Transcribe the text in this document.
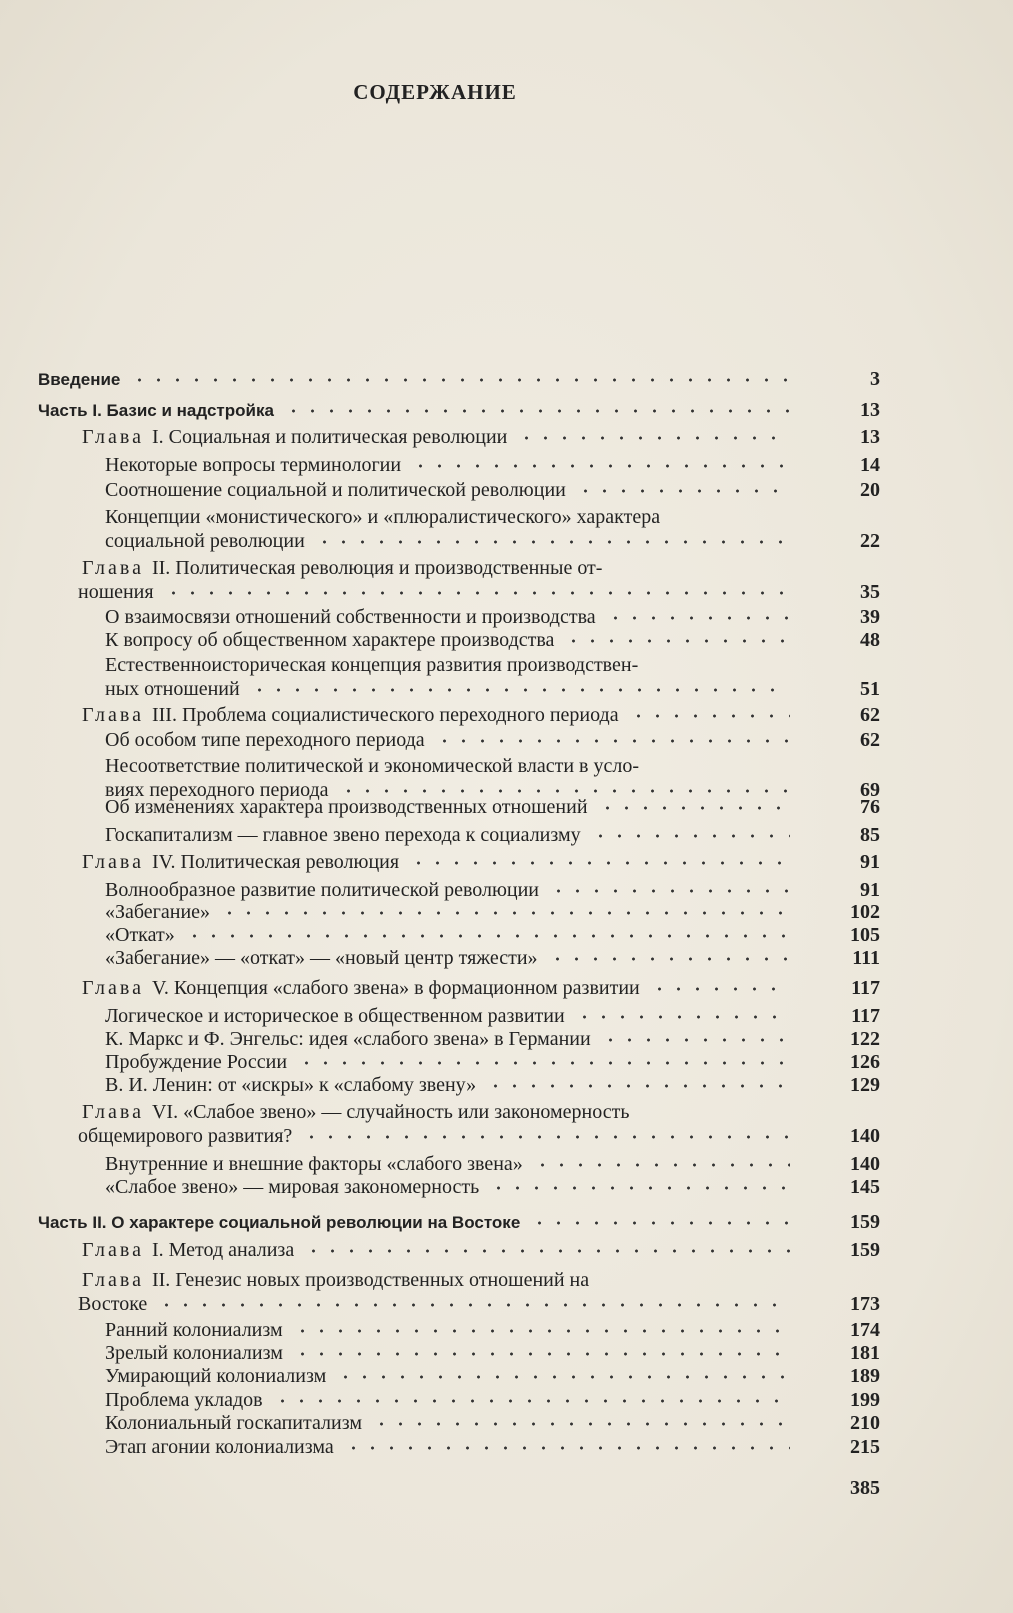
СОДЕРЖАНИЕ
Введение	3
Часть I. Базис и надстройка	13
Глава I. Социальная и политическая революции	13
Некоторые вопросы терминологии	14
Соотношение социальной и политической революции	20
Концепции «монистического» и «плюралистического» характера
социальной революции	22
Глава II. Политическая революция и производственные от-
ношения	35
О взаимосвязи отношений собственности и производства	39
К вопросу об общественном характере производства	48
Естественноисторическая концепция развития производствен-
ных отношений	51
Глава III. Проблема социалистического переходного периода	62
Об особом типе переходного периода	62
Несоответствие политической и экономической власти в усло-
виях переходного периода	69
Об изменениях характера производственных отношений	76
Госкапитализм — главное звено перехода к социализму	85
Глава IV. Политическая революция	91
Волнообразное развитие политической революции	91
«Забегание»	102
«Откат»	105
«Забегание» — «откат» — «новый центр тяжести»	111
Глава V. Концепция «слабого звена» в формационном развитии	117
Логическое и историческое в общественном развитии	117
К. Маркс и Ф. Энгельс: идея «слабого звена» в Германии	122
Пробуждение России	126
В. И. Ленин: от «искры» к «слабому звену»	129
Глава VI. «Слабое звено» — случайность или закономерность
общемирового развития?	140
Внутренние и внешние факторы «слабого звена»	140
«Слабое звено» — мировая закономерность	145
Часть II. О характере социальной революции на Востоке	159
Глава I. Метод анализа	159
Глава II. Генезис новых производственных отношений на
Востоке	173
Ранний колониализм	174
Зрелый колониализм	181
Умирающий колониализм	189
Проблема укладов	199
Колониальный госкапитализм	210
Этап агонии колониализма	215
385
